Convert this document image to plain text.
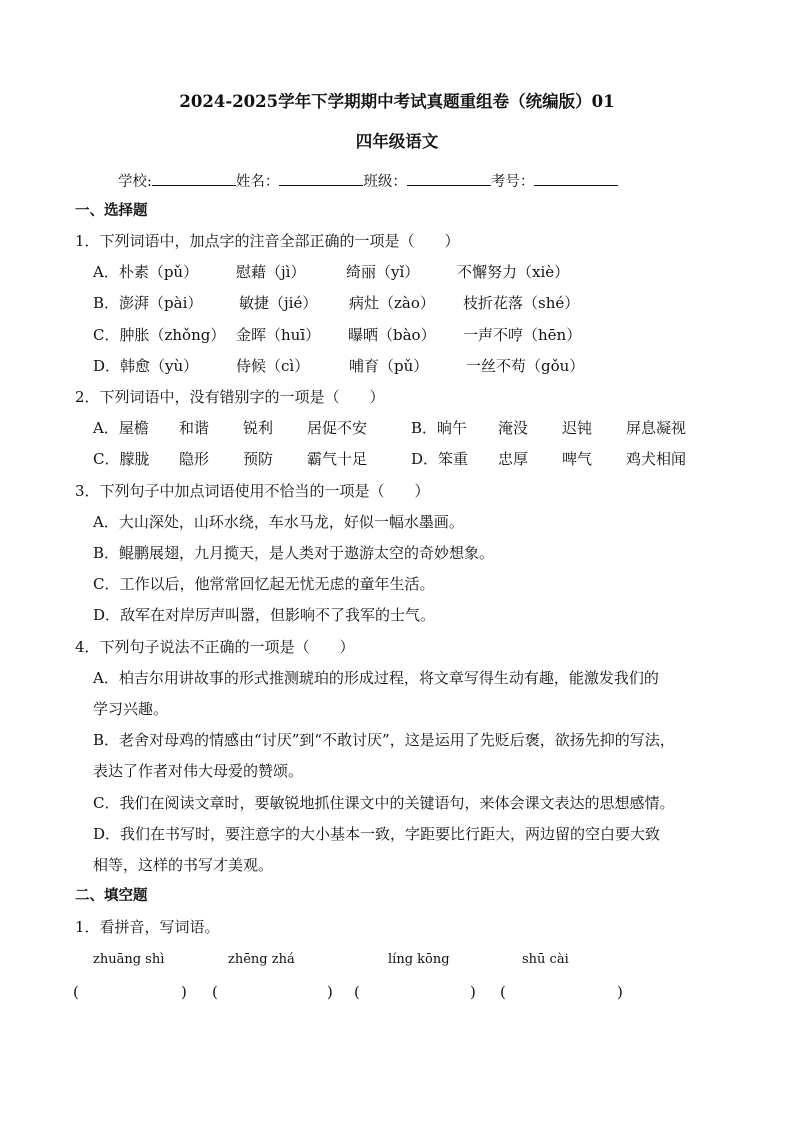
2024-2025学年下学期期中考试真题重组卷（统编版）01
四年级语文
学校:	姓名：	班级：	考号：
一、选择题
1．下列词语中，加点字的注音全部正确的一项是（　　）
A．朴素（pǔ）	慰藉（jì）	绮丽（yǐ）	不懈努力（xiè）
B．澎湃（pài） 敏捷（jié） 病灶（zào） 枝折花落（shé）
C．肿胀（zhǒng） 金晖（huī） 曝晒（bào） 一声不哼（hēn）
D．韩愈（yù）	侍候（cì）	哺育（pǔ）	一丝不苟（gǒu）
2．下列词语中，没有错别字的一项是（　　）
A．屋檐 和谐 锐利 居促不安	B．晌午 淹没 迟钝 屏息凝视
C．朦胧 隐形 预防 霸气十足	D．笨重 忠厚 啤气 鸡犬相闻
3．下列句子中加点词语使用不恰当的一项是（　　）
A．大山深处，山环水绕，车水马龙，好似一幅水墨画。
B．鲲鹏展翅，九月揽天，是人类对于遨游太空的奇妙想象。
C．工作以后，他常常回忆起无忧无虑的童年生活。
D．敌军在对岸厉声叫嚣，但影响不了我军的士气。
4．下列句子说法不正确的一项是（　　）
A．柏吉尔用讲故事的形式推测琥珀的形成过程，将文章写得生动有趣，能激发我们的
学习兴趣。
B．老舍对母鸡的情感由“讨厌”到“不敢讨厌”，这是运用了先贬后褒，欲扬先抑的写法，
表达了作者对伟大母爱的赞颂。
C．我们在阅读文章时，要敏锐地抓住课文中的关键语句，来体会课文表达的思想感情。
D．我们在书写时，要注意字的大小基本一致，字距要比行距大，两边留的空白要大致
相等，这样的书写才美观。
二、填空题
1．看拼音，写词语。
zhuāng shì	zhēng zhá	líng kōng	shū cài
(	) (	) (	) (	)
